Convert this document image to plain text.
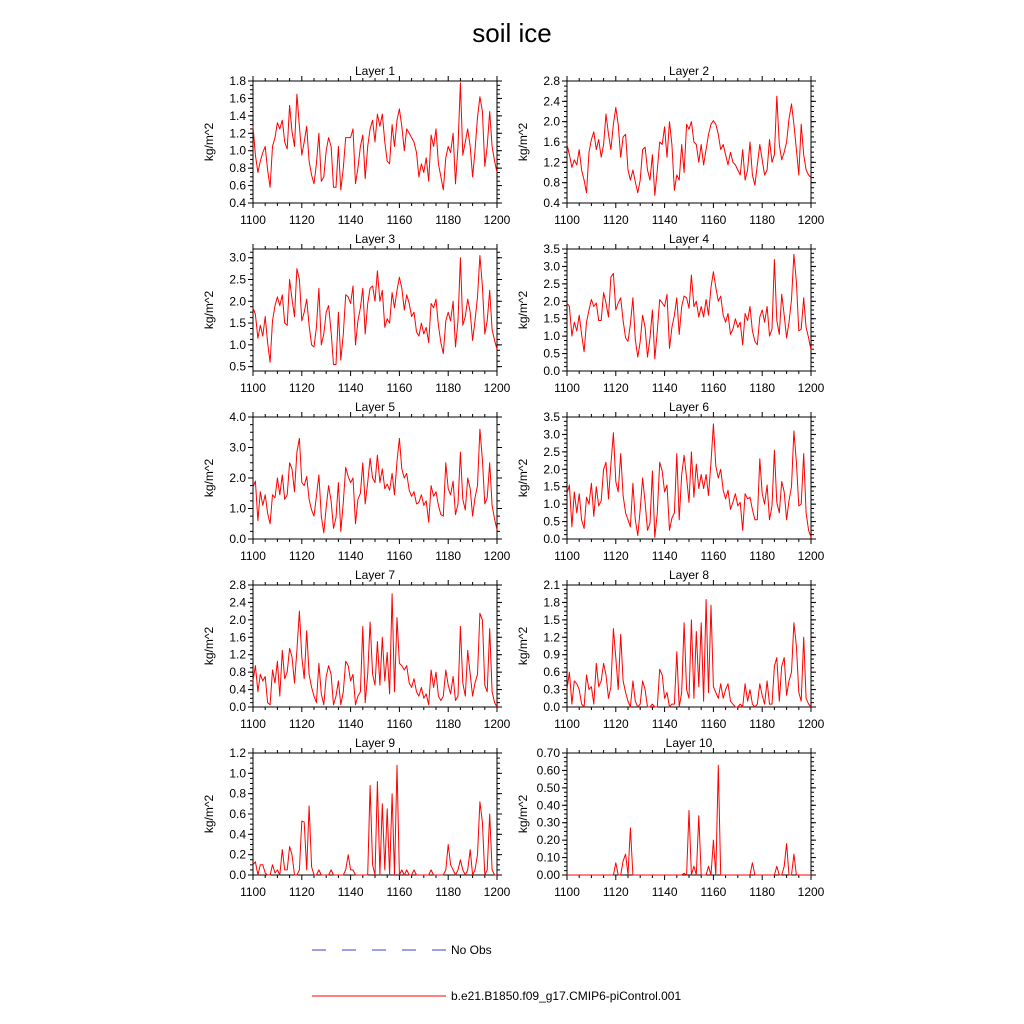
soil ice
Layer 1
kg/m^2
0.4
0.6
0.8
1.0
1.2
1.4
1.6
1.8
1100 1120 1140 1160 1180 1200
Layer 2
kg/m^2
0.4
0.8
1.2
1.6
2.0
2.4
2.8
1100 1120 1140 1160 1180 1200
Layer 3
kg/m^2
0.5
1.0
1.5
2.0
2.5
3.0
1100 1120 1140 1160 1180 1200
Layer 4
kg/m^2
0.0
0.5
1.0
1.5
2.0
2.5
3.0
3.5
1100 1120 1140 1160 1180 1200
Layer 5
kg/m^2
0.0
1.0
2.0
3.0
4.0
1100 1120 1140 1160 1180 1200
Layer 6
kg/m^2
0.0
0.5
1.0
1.5
2.0
2.5
3.0
3.5
1100 1120 1140 1160 1180 1200
Layer 7
kg/m^2
0.0
0.4
0.8
1.2
1.6
2.0
2.4
2.8
1100 1120 1140 1160 1180 1200
Layer 8
kg/m^2
0.0
0.3
0.6
0.9
1.2
1.5
1.8
2.1
1100 1120 1140 1160 1180 1200
Layer 9
kg/m^2
0.0
0.2
0.4
0.6
0.8
1.0
1.2
1100 1120 1140 1160 1180 1200
Layer 10
kg/m^2
0.00
0.10
0.20
0.30
0.40
0.50
0.60
0.70
1100 1120 1140 1160 1180 1200
No Obs
b.e21.B1850.f09_g17.CMIP6-piControl.001
